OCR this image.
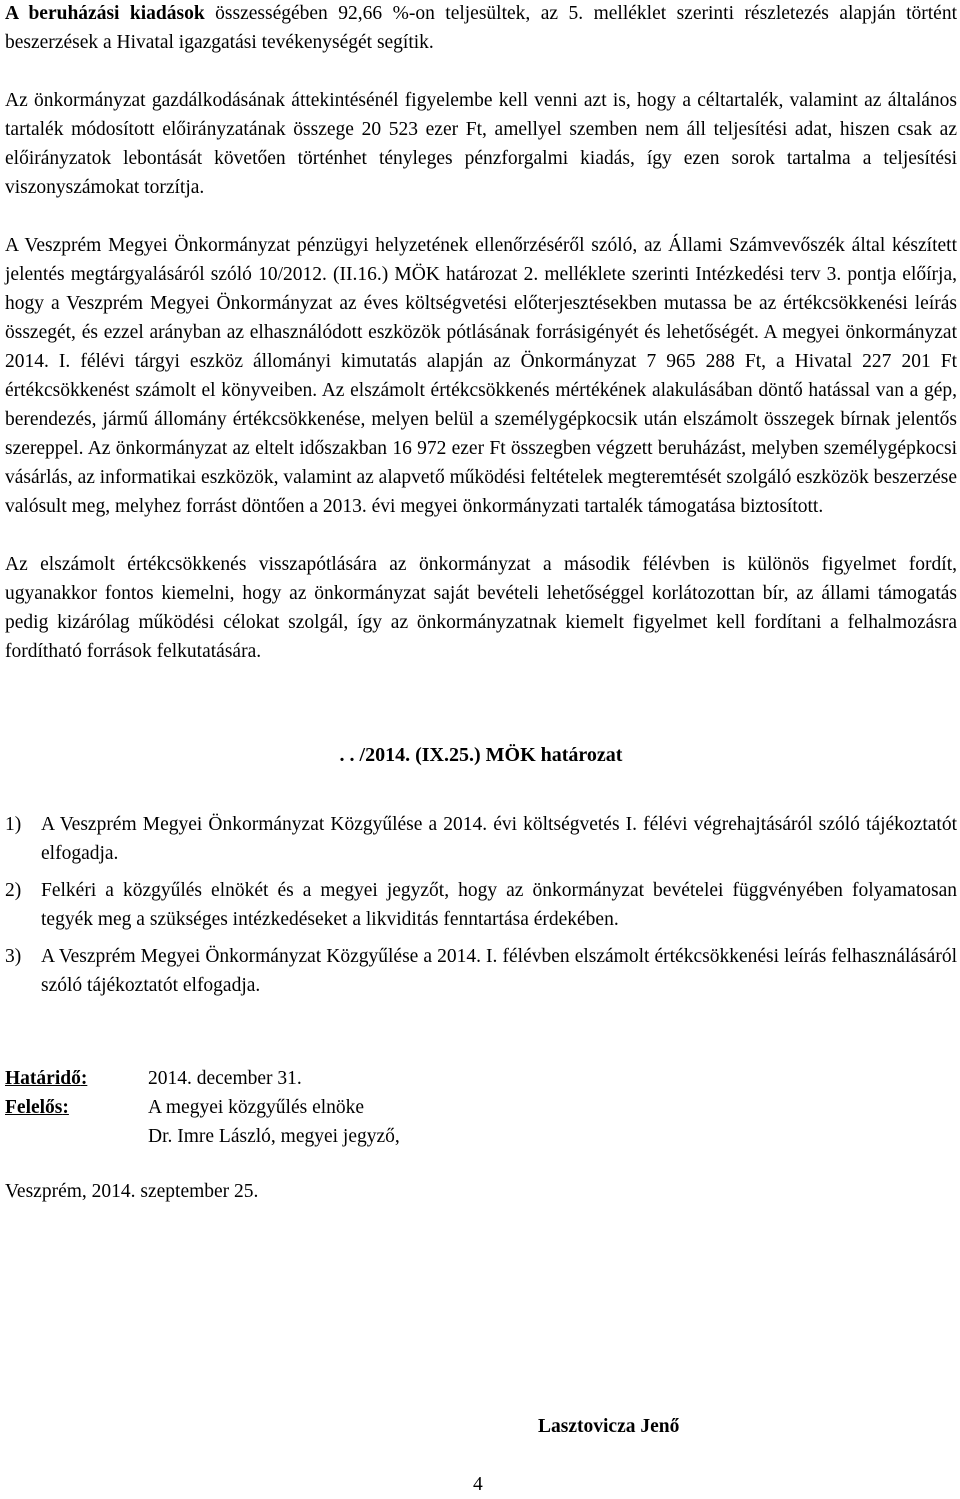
A beruházási kiadások összességében 92,66 %-on teljesültek, az 5. melléklet szerinti részletezés alapján történt beszerzések a Hivatal igazgatási tevékenységét segítik.

Az önkormányzat gazdálkodásának áttekintésénél figyelembe kell venni azt is, hogy a céltartalék, valamint az általános tartalék módosított előirányzatának összege 20 523 ezer Ft, amellyel szemben nem áll teljesítési adat, hiszen csak az előirányzatok lebontását követően történhet tényleges pénzforgalmi kiadás, így ezen sorok tartalma a teljesítési viszonyszámokat torzítja.

A Veszprém Megyei Önkormányzat pénzügyi helyzetének ellenőrzéséről szóló, az Állami Számvevőszék által készített jelentés megtárgyalásáról szóló 10/2012. (II.16.) MÖK határozat 2. melléklete szerinti Intézkedési terv 3. pontja előírja, hogy a Veszprém Megyei Önkormányzat az éves költségvetési előterjesztésekben mutassa be az értékcsökkenési leírás összegét, és ezzel arányban az elhasználódott eszközök pótlásának forrásigényét és lehetőségét. A megyei önkormányzat 2014. I. félévi tárgyi eszköz állományi kimutatás alapján az Önkormányzat 7 965 288 Ft, a Hivatal 227 201 Ft értékcsökkenést számolt el könyveiben. Az elszámolt értékcsökkenés mértékének alakulásában döntő hatással van a gép, berendezés, jármű állomány értékcsökkenése, melyen belül a személygépkocsik után elszámolt összegek bírnak jelentős szereppel. Az önkormányzat az eltelt időszakban 16 972 ezer Ft összegben végzett beruházást, melyben személygépkocsi vásárlás, az informatikai eszközök, valamint az alapvető működési feltételek megteremtését szolgáló eszközök beszerzése valósult meg, melyhez forrást döntően a 2013. évi megyei önkormányzati tartalék támogatása biztosított.

Az elszámolt értékcsökkenés visszapótlására az önkormányzat a második félévben is különös figyelmet fordít, ugyanakkor fontos kiemelni, hogy az önkormányzat saját bevételi lehetőséggel korlátozottan bír, az állami támogatás pedig kizárólag működési célokat szolgál, így az önkormányzatnak kiemelt figyelmet kell fordítani a felhalmozásra fordítható források felkutatására.

. . /2014. (IX.25.) MÖK határozat
1)	A Veszprém Megyei Önkormányzat Közgyűlése a 2014. évi költségvetés I. félévi végrehajtásáról szóló tájékoztatót elfogadja.
2)	Felkéri a közgyűlés elnökét és a megyei jegyzőt, hogy az önkormányzat bevételei függvényében folyamatosan tegyék meg a szükséges intézkedéseket a likviditás fenntartása érdekében.
3)	A Veszprém Megyei Önkormányzat Közgyűlése a 2014. I. félévben elszámolt értékcsökkenési leírás felhasználásáról szóló tájékoztatót elfogadja.
Határidő:	2014. december 31.
Felelős:	A megyei közgyűlés elnöke
Dr. Imre László, megyei jegyző,
Veszprém, 2014. szeptember 25.
Lasztovicza Jenő
4
